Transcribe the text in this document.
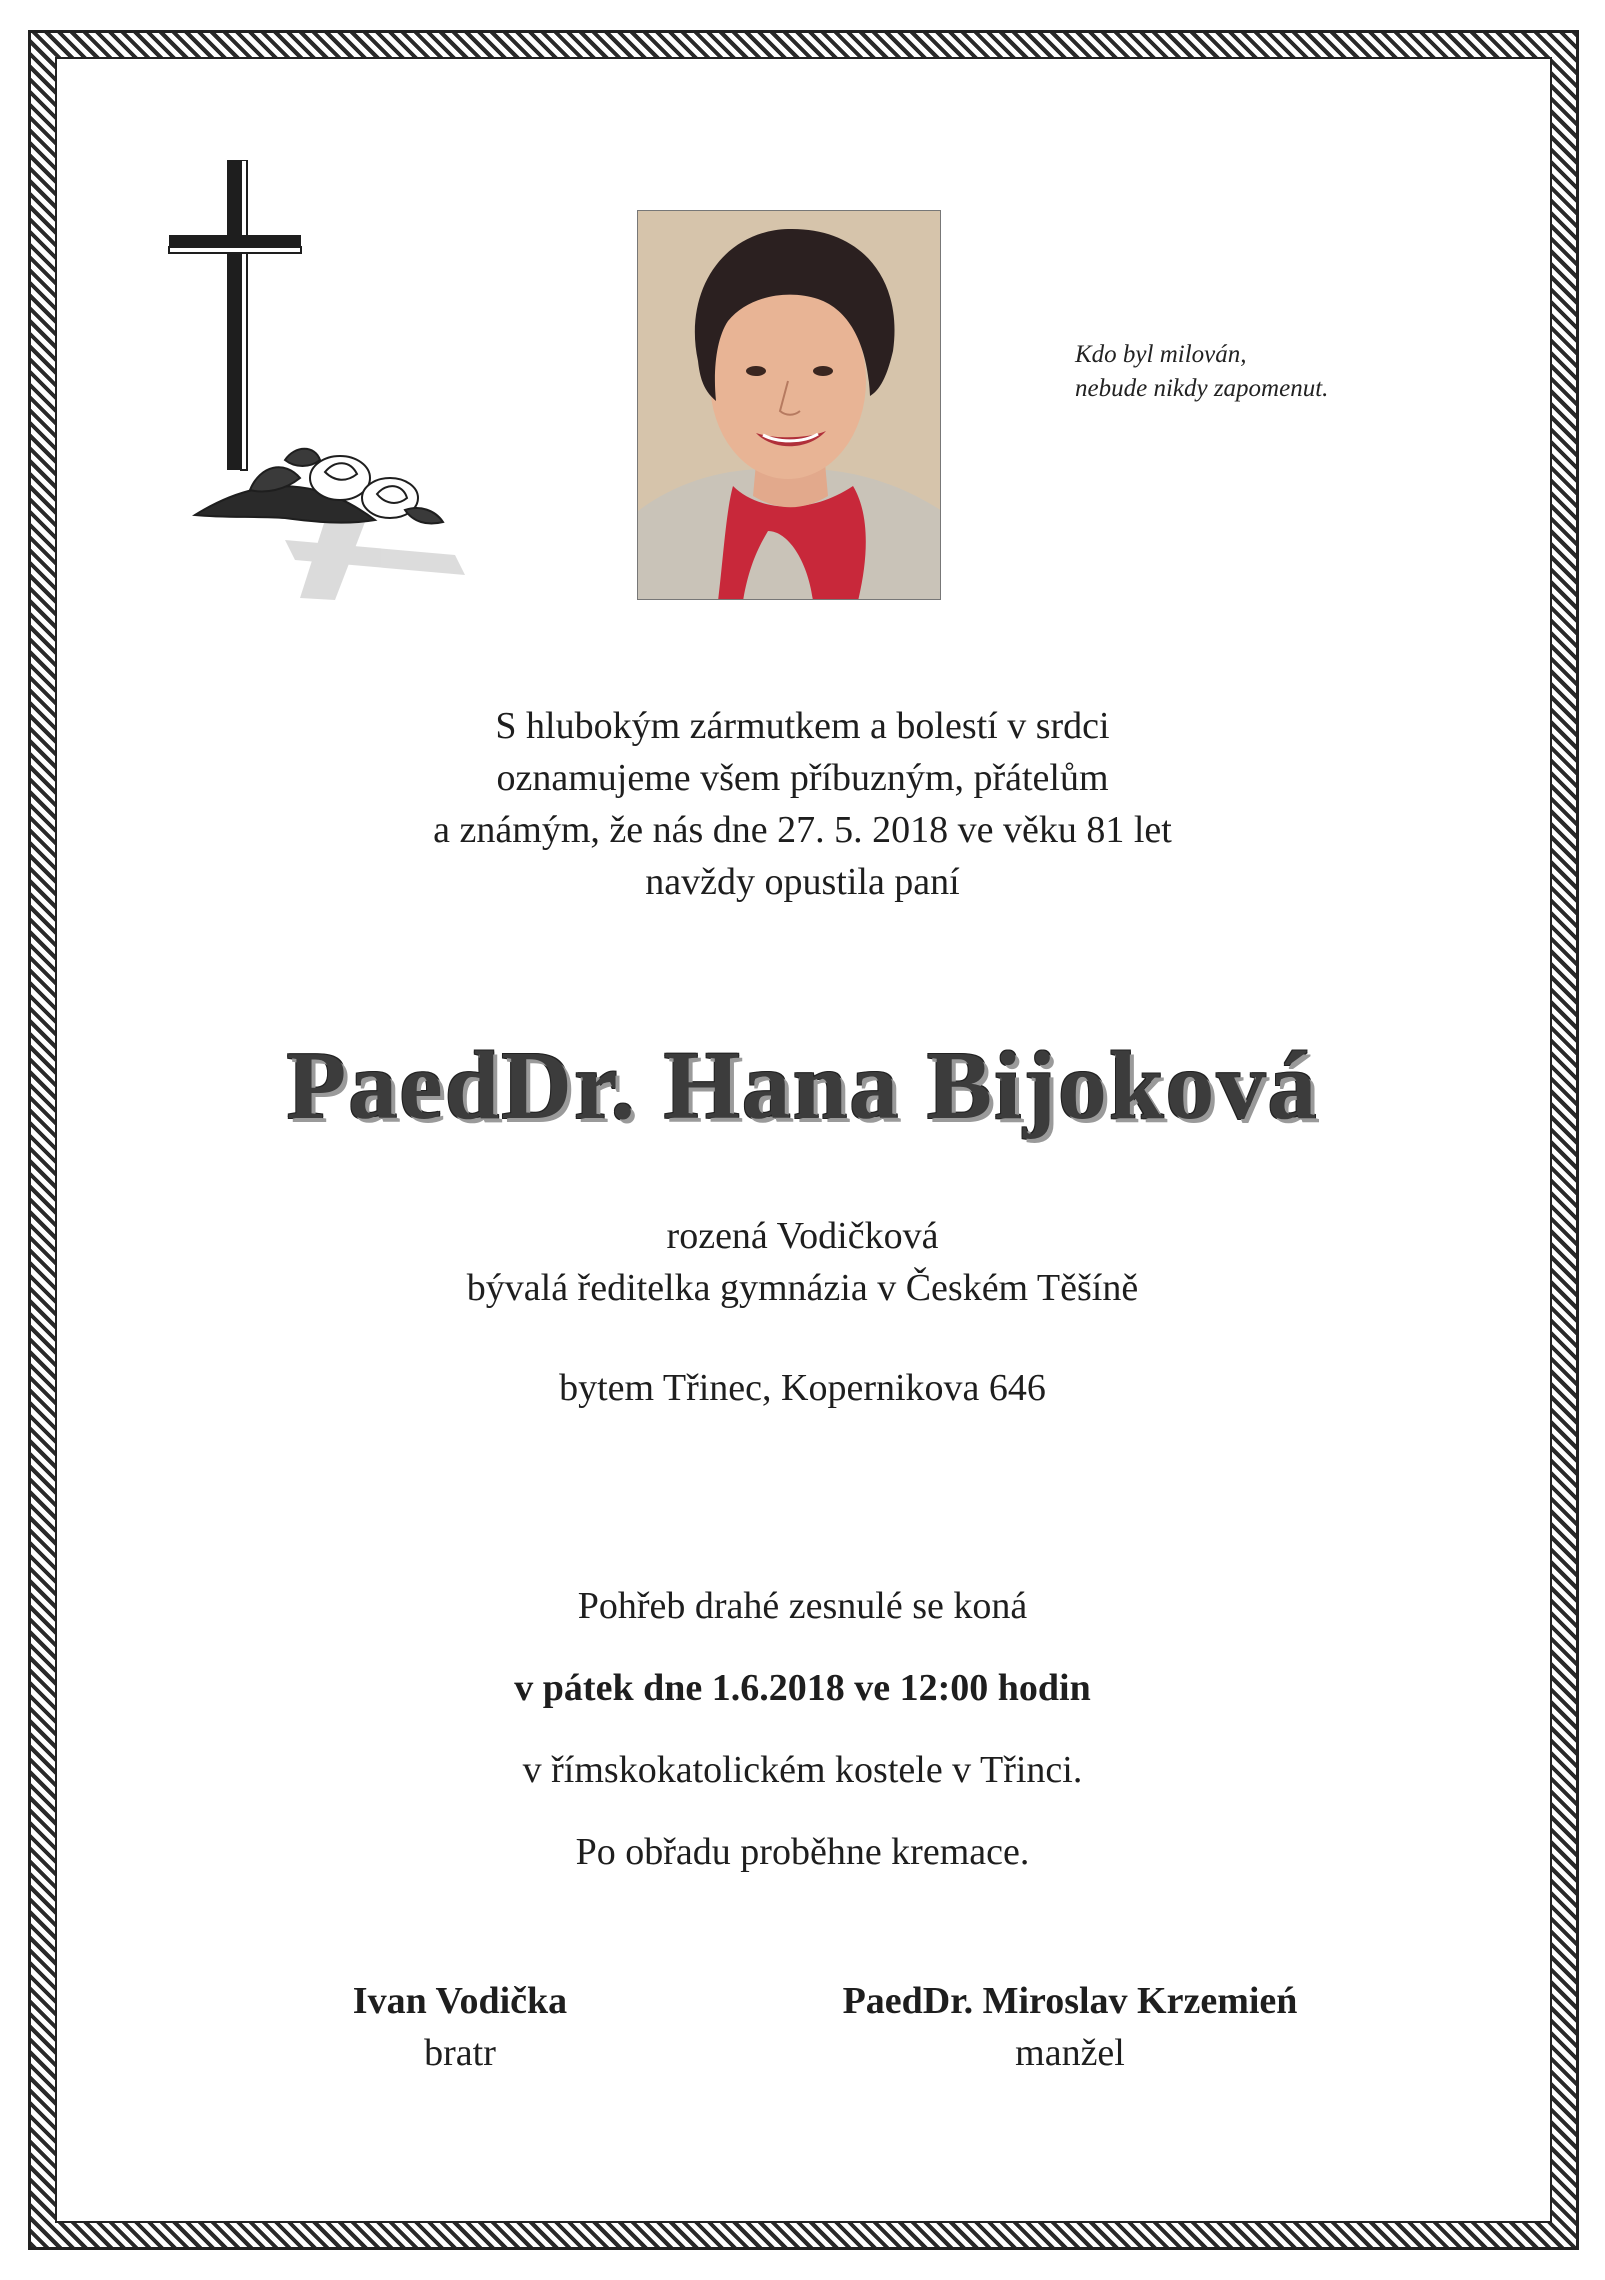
Kdo byl milován,
nebude nikdy zapomenut.
S hlubokým zármutkem a bolestí v srdci
oznamujeme všem příbuzným, přátelům
a známým, že nás dne 27. 5. 2018 ve věku 81 let
navždy opustila paní
PaedDr. Hana Bijoková
rozená Vodičková
bývalá ředitelka gymnázia v Českém Těšíně
bytem Třinec, Kopernikova 646
Pohřeb drahé zesnulé se koná
v pátek dne 1.6.2018 ve 12:00 hodin
v římskokatolickém kostele v Třinci.
Po obřadu proběhne kremace.
Ivan Vodička
bratr
PaedDr. Miroslav Krzemień
manžel
